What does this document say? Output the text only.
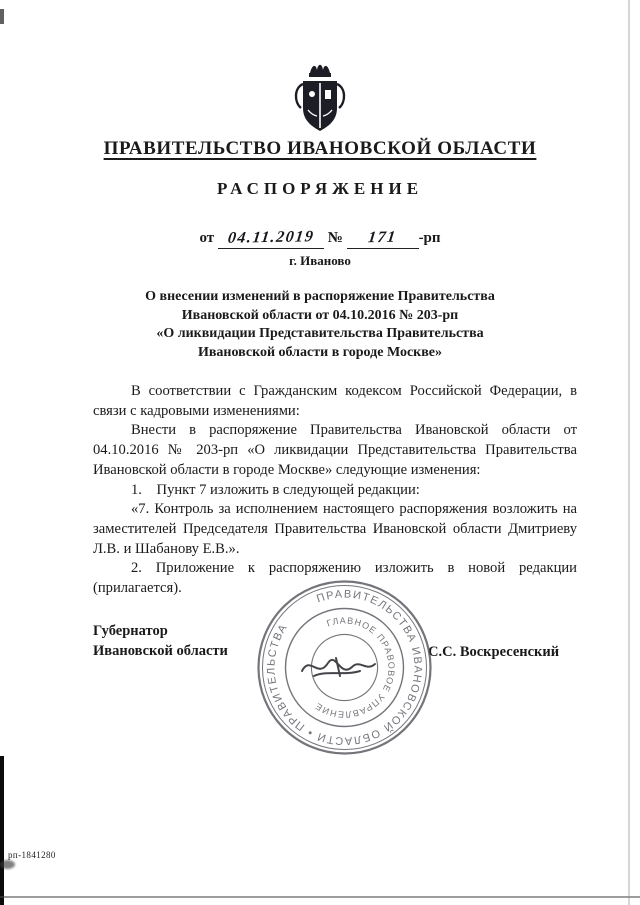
ПРАВИТЕЛЬСТВО ИВАНОВСКОЙ ОБЛАСТИ
РАСПОРЯЖЕНИЕ
от 04.11.2019 № 171 -рп
г. Иваново
О внесении изменений в распоряжение Правительства
Ивановской области от 04.10.2016 № 203-рп
«О ликвидации Представительства Правительства
Ивановской области в городе Москве»

В соответствии с Гражданским кодексом Российской Федерации, в связи с кадровыми изменениями:

Внести в распоряжение Правительства Ивановской области от 04.10.2016 № 203-рп «О ликвидации Представительства Правительства Ивановской области в городе Москве» следующие изменения:

1. Пункт 7 изложить в следующей редакции:

«7. Контроль за исполнением настоящего распоряжения возложить на заместителей Председателя Правительства Ивановской области Дмитриеву Л.В. и Шабанову Е.В.».

2. Приложение к распоряжению изложить в новой редакции (прилагается).

Губернатор
Ивановской области	С.С. Воскресенский
ПРАВИТЕЛЬСТВА ИВАНОВСКОЙ ОБЛАСТИ • ПРАВИТЕЛЬСТВА	ГЛАВНОЕ ПРАВОВОЕ УПРАВЛЕНИЕ
рп-1841280
